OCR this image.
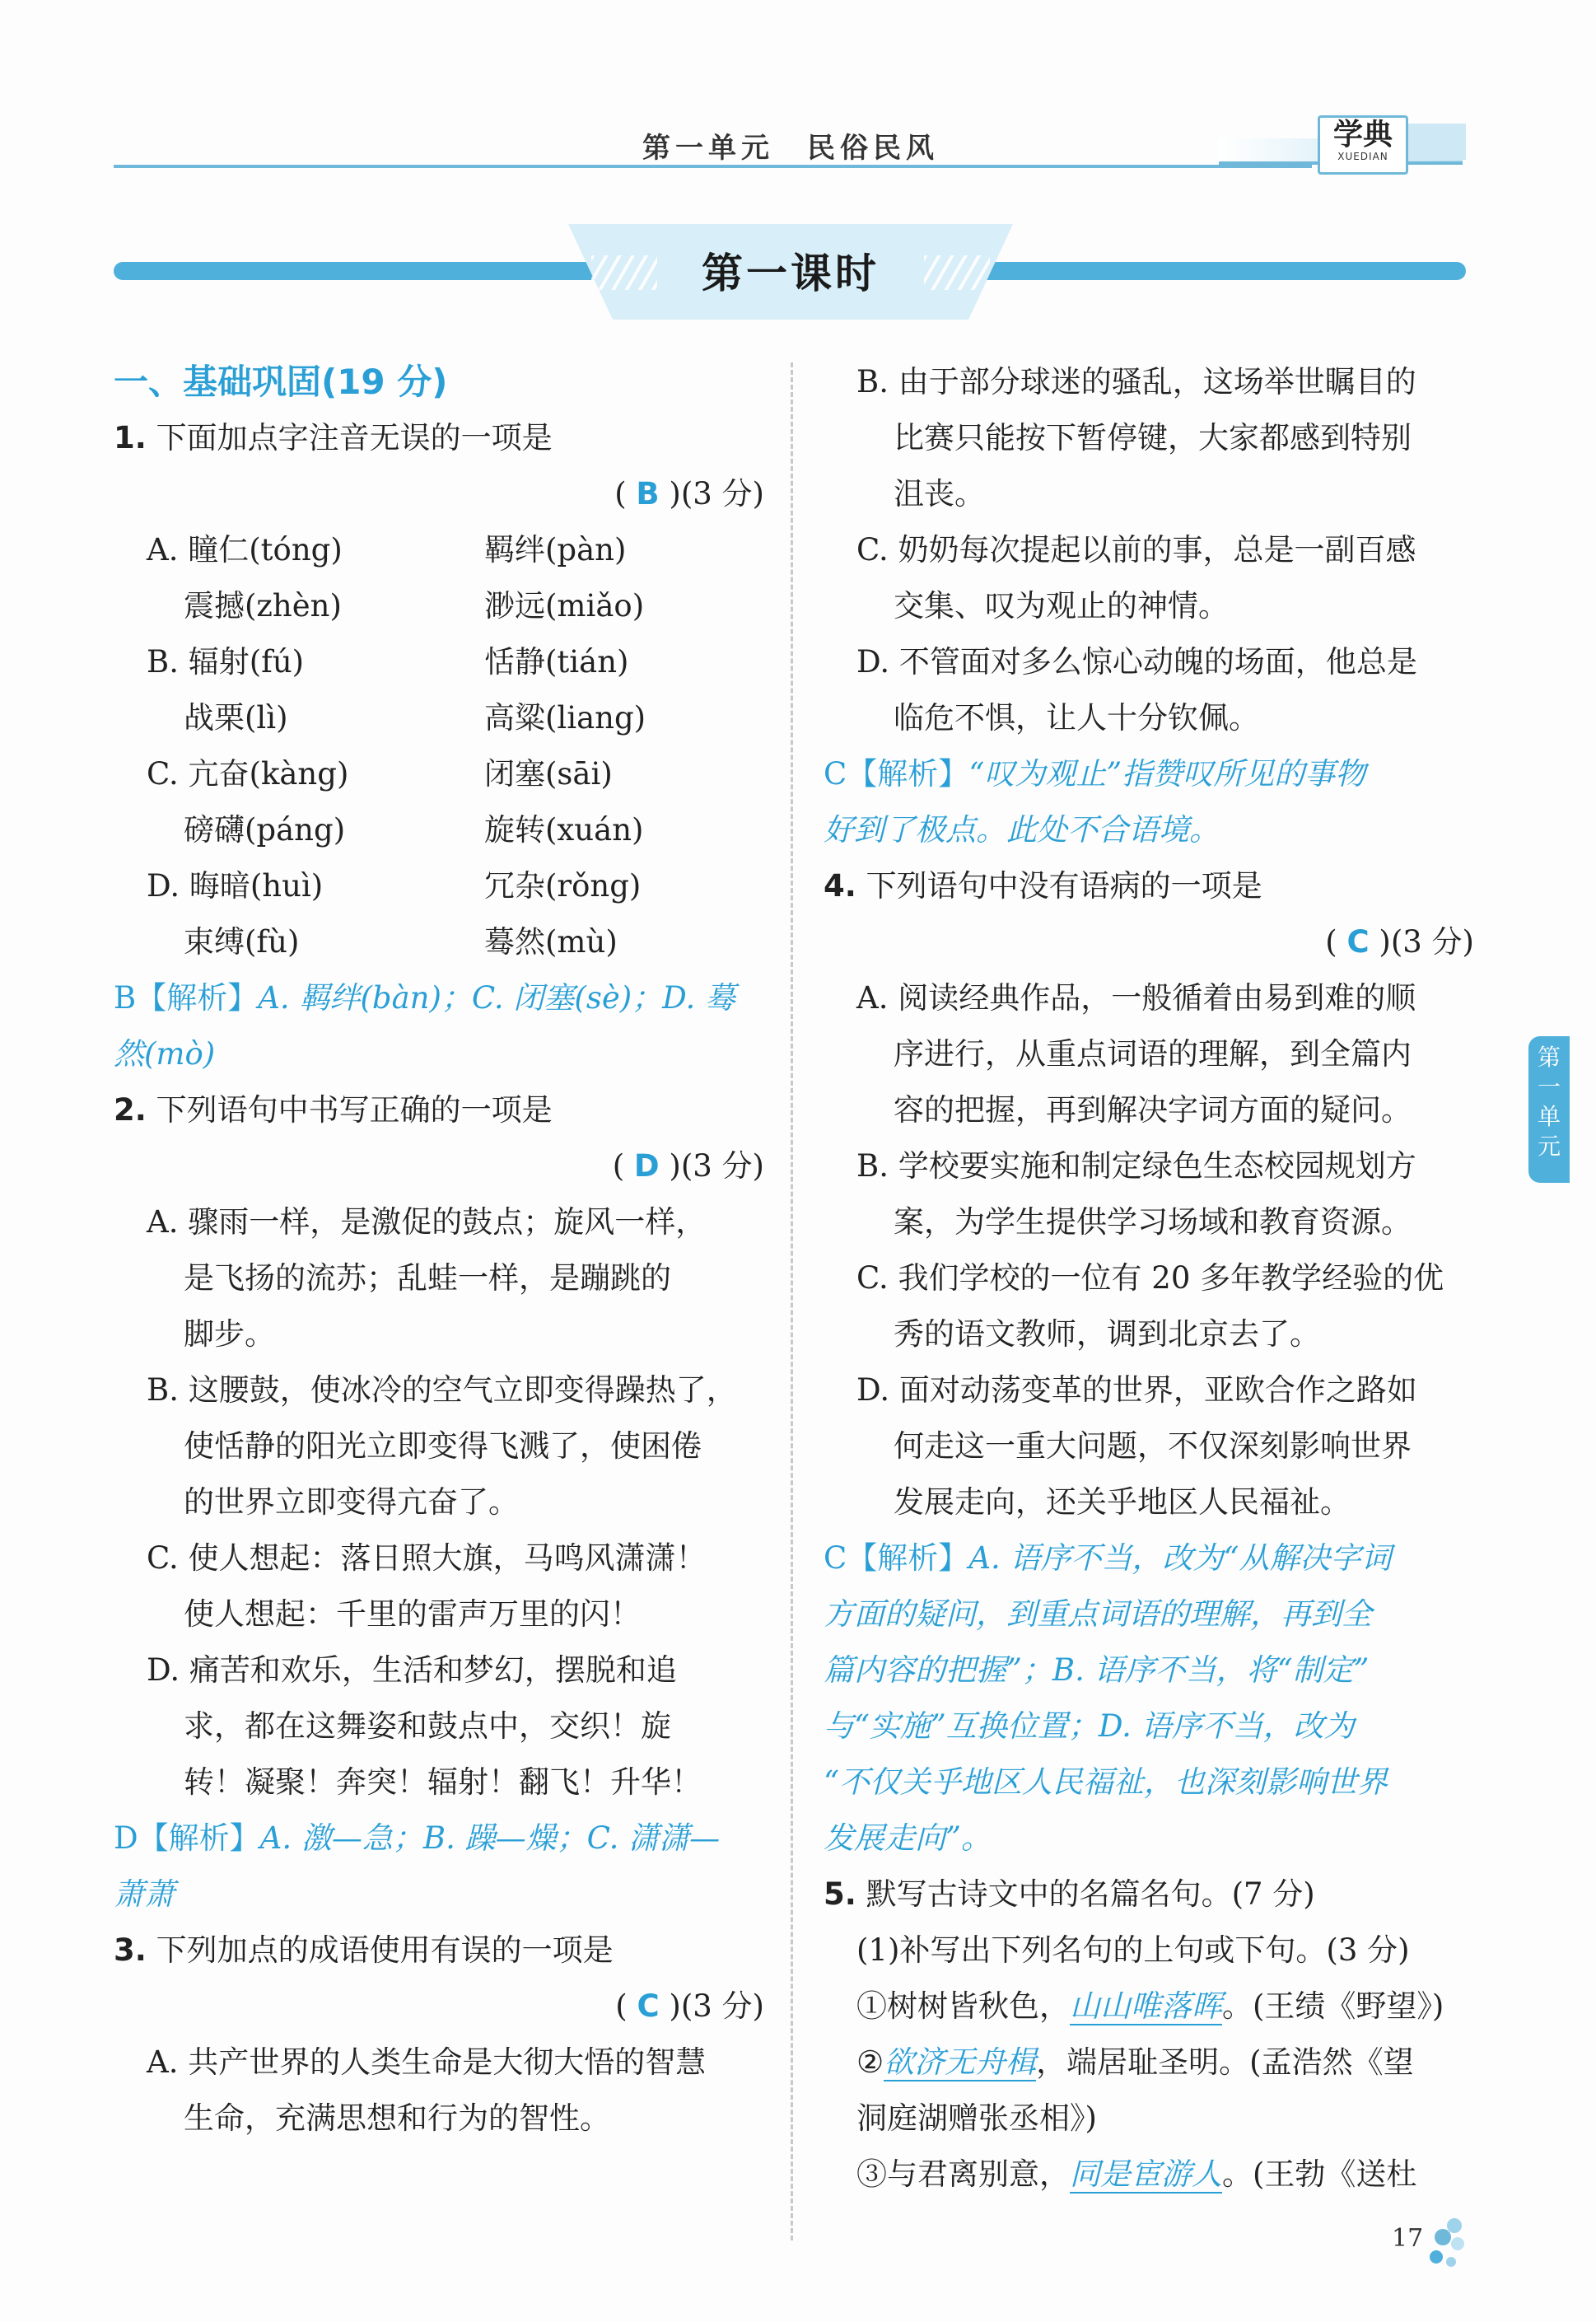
第一单元　民俗民风	学典
XUEDIAN
第一课时
第一单元
一、基础巩固(19 分)
1. 下面加点字注音无误的一项是
( B )(3 分)
A. 瞳仁(tóng)	羁绊(pàn)
震撼(zhèn)	渺远(miǎo)
B. 辐射(fú)	恬静(tián)
战栗(lì)	高粱(liang)
C. 亢奋(kàng)	闭塞(sāi)
磅礴(páng)	旋转(xuán)
D. 晦暗(huì)	冗杂(rǒng)
束缚(fù)	蓦然(mù)
B【解析】A. 羁绊(bàn)；C. 闭塞(sè)；D. 蓦
然(mò)
2. 下列语句中书写正确的一项是
( D )(3 分)
A. 骤雨一样，是激促的鼓点；旋风一样，
是飞扬的流苏；乱蛙一样，是蹦跳的
脚步。
B. 这腰鼓，使冰冷的空气立即变得躁热了，
使恬静的阳光立即变得飞溅了，使困倦
的世界立即变得亢奋了。
C. 使人想起：落日照大旗，马鸣风潇潇！
使人想起：千里的雷声万里的闪！
D. 痛苦和欢乐，生活和梦幻，摆脱和追
求，都在这舞姿和鼓点中，交织！旋
转！凝聚！奔突！辐射！翻飞！升华！
D【解析】A. 激—急；B. 躁—燥；C. 潇潇—
萧萧
3. 下列加点的成语使用有误的一项是
( C )(3 分)
A. 共产世界的人类生命是大彻大悟的智慧
生命，充满思想和行为的智性。
B. 由于部分球迷的骚乱，这场举世瞩目的
比赛只能按下暂停键，大家都感到特别
沮丧。
C. 奶奶每次提起以前的事，总是一副百感
交集、叹为观止的神情。
D. 不管面对多么惊心动魄的场面，他总是
临危不惧，让人十分钦佩。
C【解析】“叹为观止”指赞叹所见的事物
好到了极点。此处不合语境。
4. 下列语句中没有语病的一项是
( C )(3 分)
A. 阅读经典作品，一般循着由易到难的顺
序进行，从重点词语的理解，到全篇内
容的把握，再到解决字词方面的疑问。
B. 学校要实施和制定绿色生态校园规划方
案，为学生提供学习场域和教育资源。
C. 我们学校的一位有 20 多年教学经验的优
秀的语文教师，调到北京去了。
D. 面对动荡变革的世界，亚欧合作之路如
何走这一重大问题，不仅深刻影响世界
发展走向，还关乎地区人民福祉。
C【解析】A. 语序不当，改为“从解决字词
方面的疑问，到重点词语的理解，再到全
篇内容的把握”；B. 语序不当，将“制定”
与“实施”互换位置；D. 语序不当，改为
“不仅关乎地区人民福祉，也深刻影响世界
发展走向”。
5. 默写古诗文中的名篇名句。(7 分)
(1)补写出下列名句的上句或下句。(3 分)
①树树皆秋色，山山唯落晖。(王绩《野望》)
②欲济无舟楫，端居耻圣明。(孟浩然《望
洞庭湖赠张丞相》)
③与君离别意，同是宦游人。(王勃《送杜
17
